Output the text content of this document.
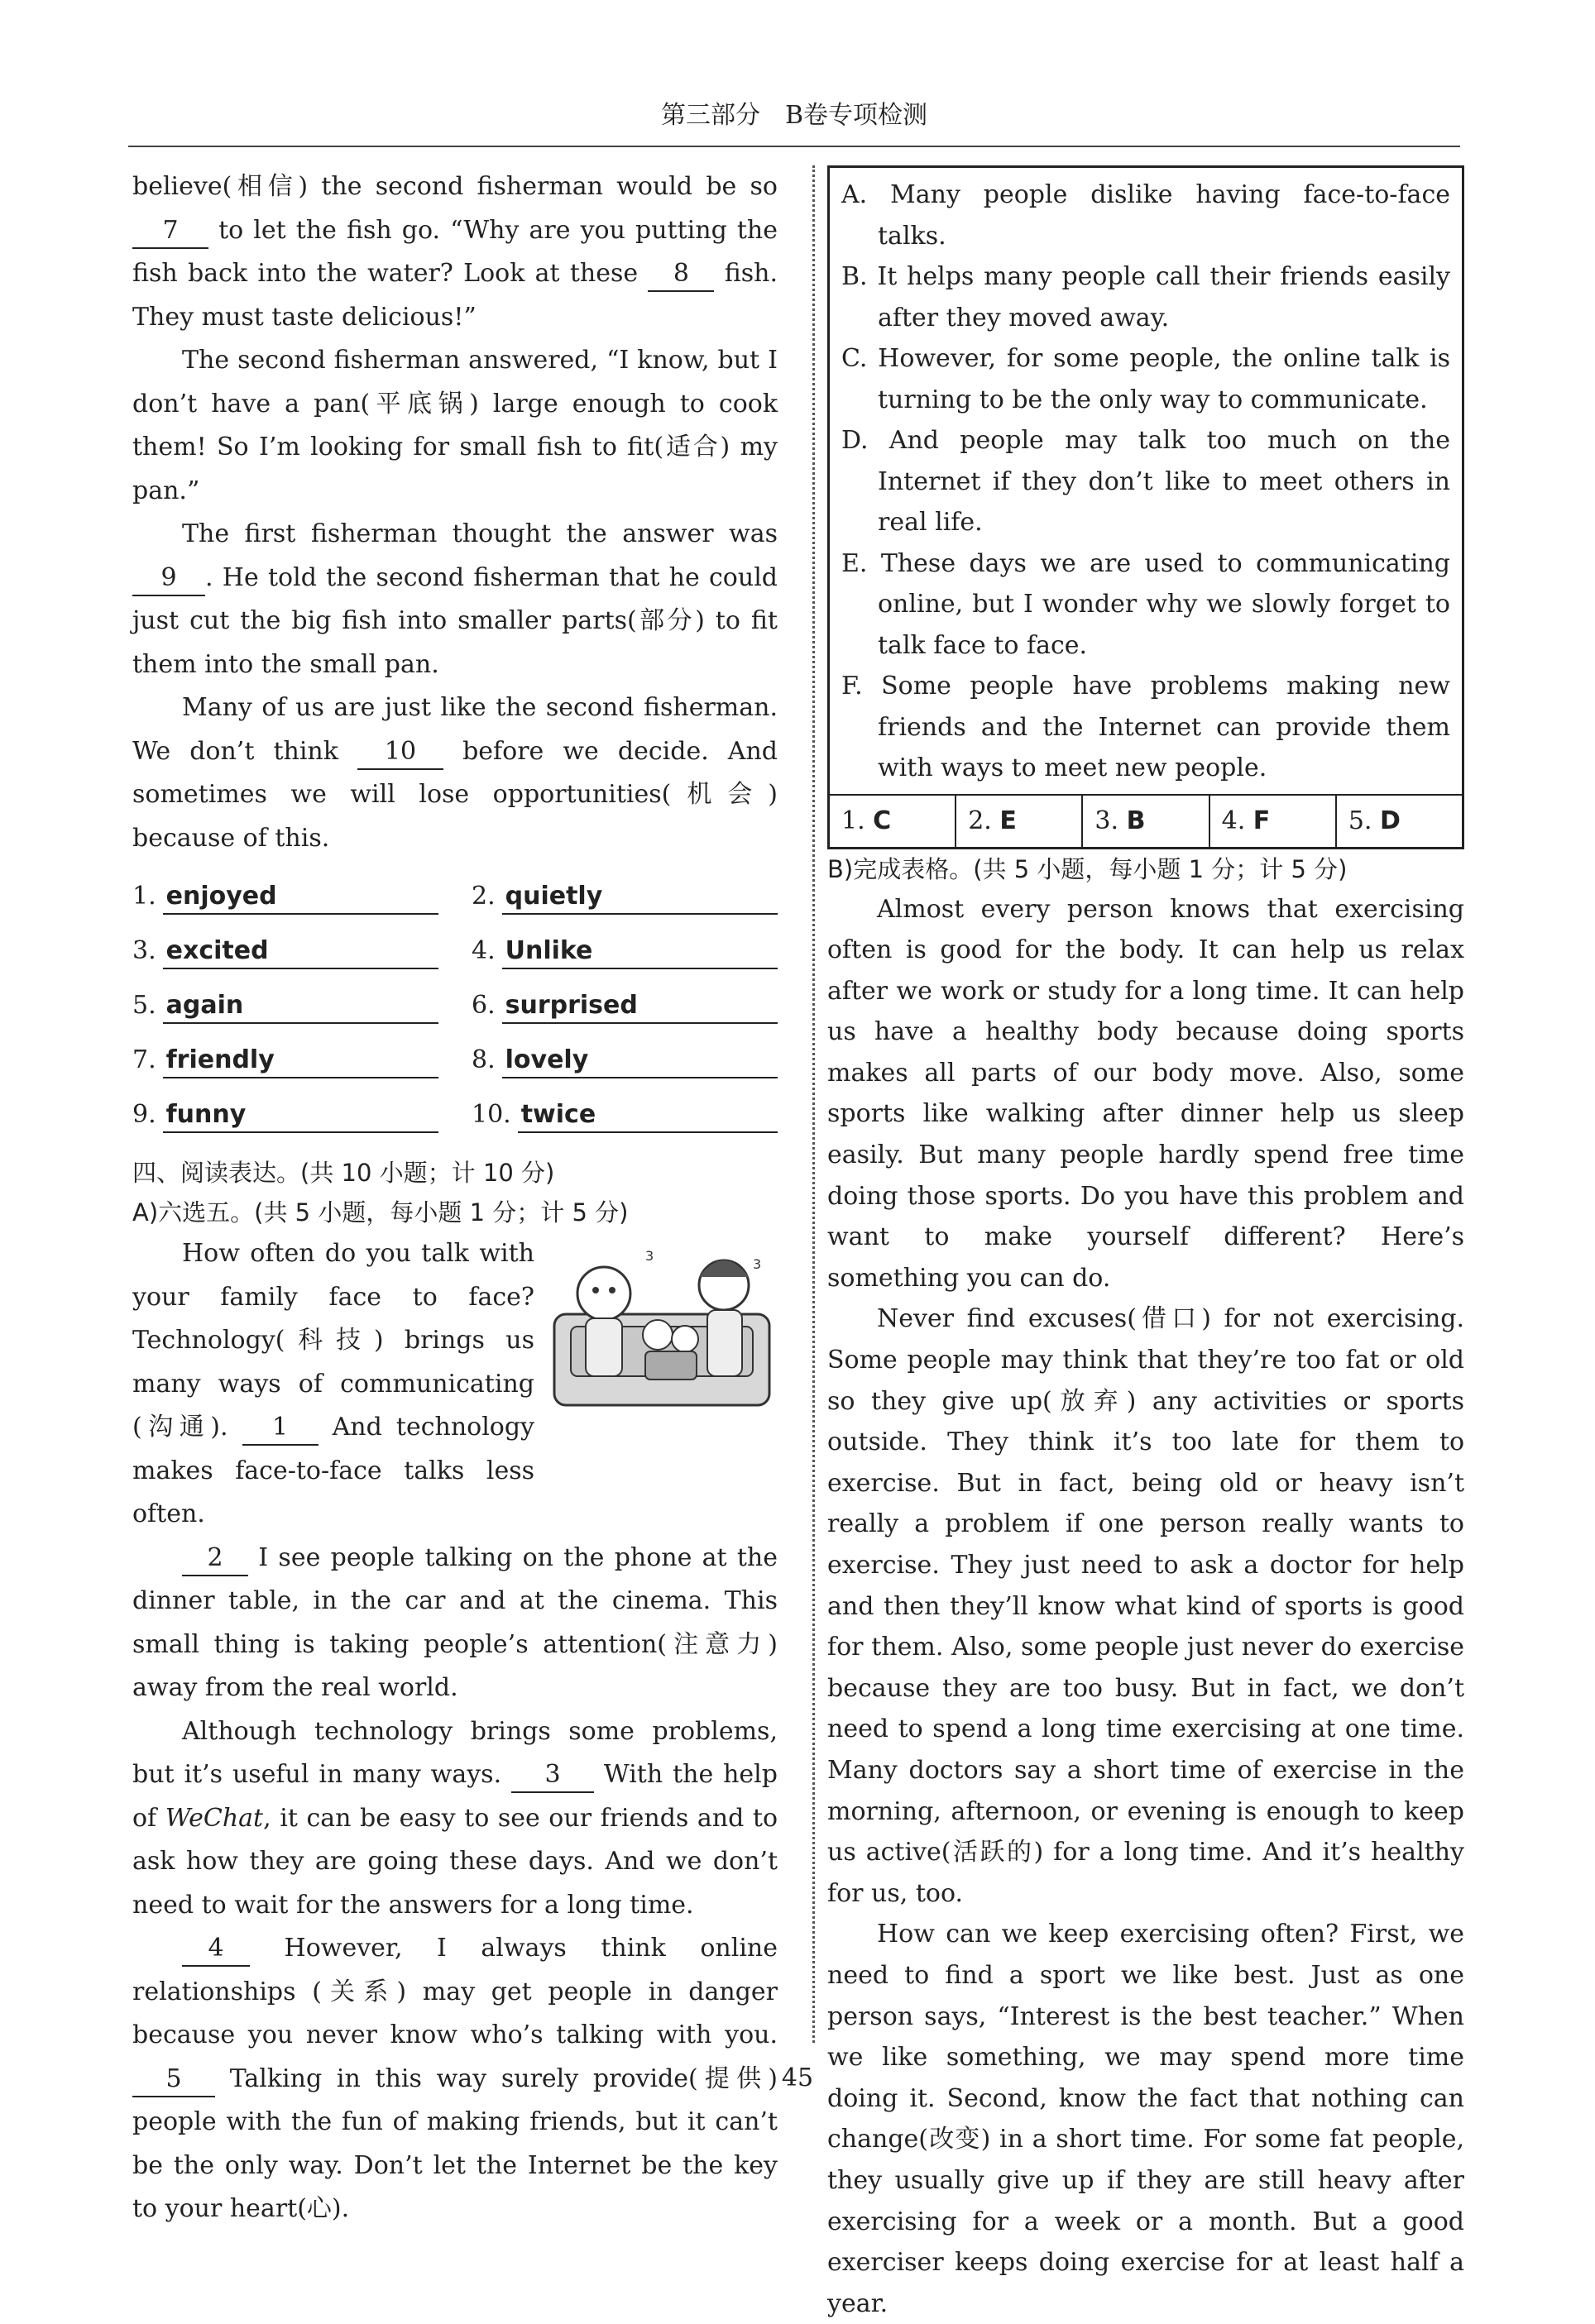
第三部分　B卷专项检测

believe(相信) the second fisherman would be so 7 to let the fish go. “Why are you putting the fish back into the water? Look at these 8 fish. They must taste delicious!”

The second fisherman answered, “I know, but I don’t have a pan(平底锅) large enough to cook them! So I’m looking for small fish to fit(适合) my pan.”

The first fisherman thought the answer was 9 . He told the second fisherman that he could just cut the big fish into smaller parts(部分) to fit them into the small pan.

Many of us are just like the second fisherman. We don’t think 10 before we decide. And sometimes we will lose opportunities(机会) because of this.

1. enjoyed	2. quietly
3. excited	4. Unlike
5. again	6. surprised
7. friendly	8. lovely
9. funny	10. twice
四、阅读表达。(共 10 小题；计 10 分)
A)六选五。(共 5 小题，每小题 1 分；计 5 分)

How often do you talk with your family face to face? Technology(科技) brings us many ways of communicating (沟通). 1 And technology makes face-to-face talks less often.

3
3

2 I see people talking on the phone at the dinner table, in the car and at the cinema. This small thing is taking people’s attention(注意力) away from the real world.

Although technology brings some problems, but it’s useful in many ways. 3 With the help of WeChat, it can be easy to see our friends and to ask how they are going these days. And we don’t need to wait for the answers for a long time.

4 However, I always think online relationships (关系) may get people in danger because you never know who’s talking with you. 5 Talking in this way surely provide(提供) people with the fun of making friends, but it can’t be the only way. Don’t let the Internet be the key to your heart(心).

A. Many people dislike having face-to-face talks.

B. It helps many people call their friends easily after they moved away.

C. However, for some people, the online talk is turning to be the only way to communicate.

D. And people may talk too much on the Internet if they don’t like to meet others in real life.

E. These days we are used to communicating online, but I wonder why we slowly forget to talk face to face.

F. Some people have problems making new friends and the Internet can provide them with ways to meet new people.

1. C	2. E	3. B	4. F	5. D
B)完成表格。(共 5 小题，每小题 1 分；计 5 分)

Almost every person knows that exercising often is good for the body. It can help us relax after we work or study for a long time. It can help us have a healthy body because doing sports makes all parts of our body move. Also, some sports like walking after dinner help us sleep easily. But many people hardly spend free time doing those sports. Do you have this problem and want to make yourself different? Here’s something you can do.

Never find excuses(借口) for not exercising. Some people may think that they’re too fat or old so they give up(放弃) any activities or sports outside. They think it’s too late for them to exercise. But in fact, being old or heavy isn’t really a problem if one person really wants to exercise. They just need to ask a doctor for help and then they’ll know what kind of sports is good for them. Also, some people just never do exercise because they are too busy. But in fact, we don’t need to spend a long time exercising at one time. Many doctors say a short time of exercise in the morning, afternoon, or evening is enough to keep us active(活跃的) for a long time. And it’s healthy for us, too.

How can we keep exercising often? First, we need to find a sport we like best. Just as one person says, “Interest is the best teacher.” When we like something, we may spend more time doing it. Second, know the fact that nothing can change(改变) in a short time. For some fat people, they usually give up if they are still heavy after exercising for a week or a month. But a good exerciser keeps doing exercise for at least half a year.

45
